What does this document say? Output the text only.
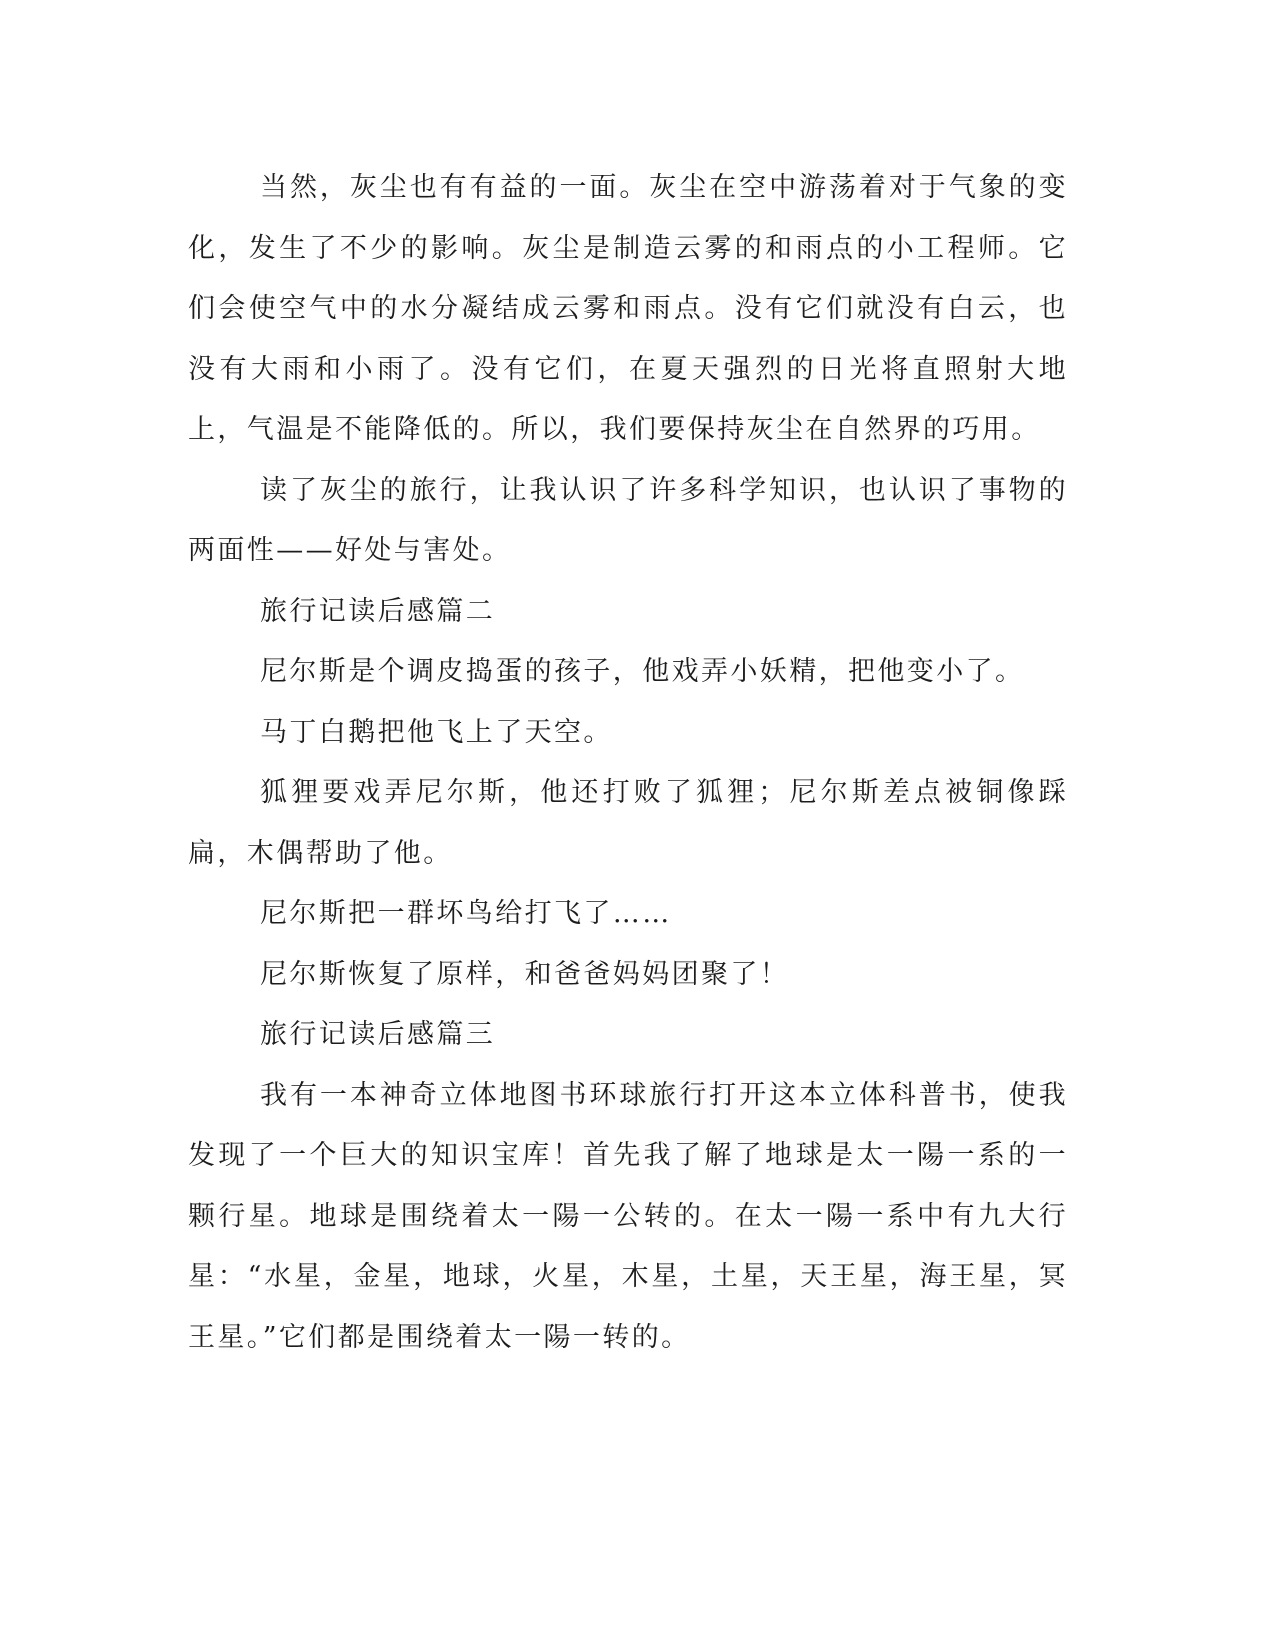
当然，灰尘也有有益的一面。灰尘在空中游荡着对于气象的变化，发生了不少的影响。灰尘是制造云雾的和雨点的小工程师。它们会使空气中的水分凝结成云雾和雨点。没有它们就没有白云，也没有大雨和小雨了。没有它们，在夏天强烈的日光将直照射大地上，气温是不能降低的。所以，我们要保持灰尘在自然界的巧用。

读了灰尘的旅行，让我认识了许多科学知识，也认识了事物的两面性——好处与害处。

旅行记读后感篇二

尼尔斯是个调皮捣蛋的孩子，他戏弄小妖精，把他变小了。

马丁白鹅把他飞上了天空。

狐狸要戏弄尼尔斯，他还打败了狐狸；尼尔斯差点被铜像踩扁，木偶帮助了他。

尼尔斯把一群坏鸟给打飞了……

尼尔斯恢复了原样，和爸爸妈妈团聚了！

旅行记读后感篇三

我有一本神奇立体地图书环球旅行打开这本立体科普书，使我发现了一个巨大的知识宝库！首先我了解了地球是太一陽一系的一颗行星。地球是围绕着太一陽一公转的。在太一陽一系中有九大行星：“水星，金星，地球，火星，木星，土星，天王星，海王星，冥王星。”它们都是围绕着太一陽一转的。
